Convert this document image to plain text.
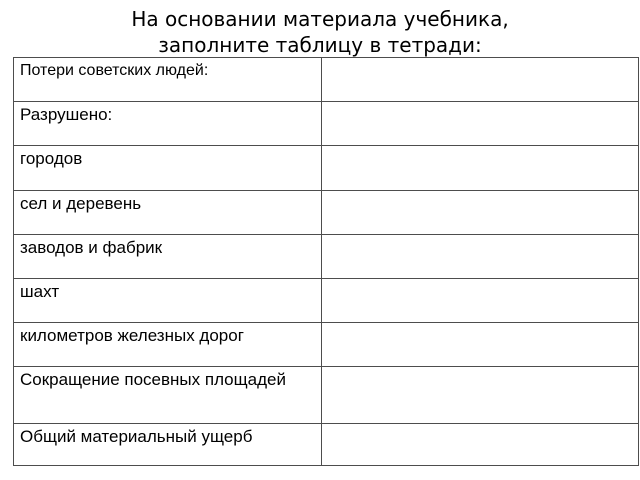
На основании материала учебника,
заполните таблицу в тетради:
Потери советских людей:	
Разрушено:	
городов	
сел и деревень	
заводов и фабрик	
шахт	
километров железных дорог	

Сокращение посевных площадей	

Общий материальный ущерб	
